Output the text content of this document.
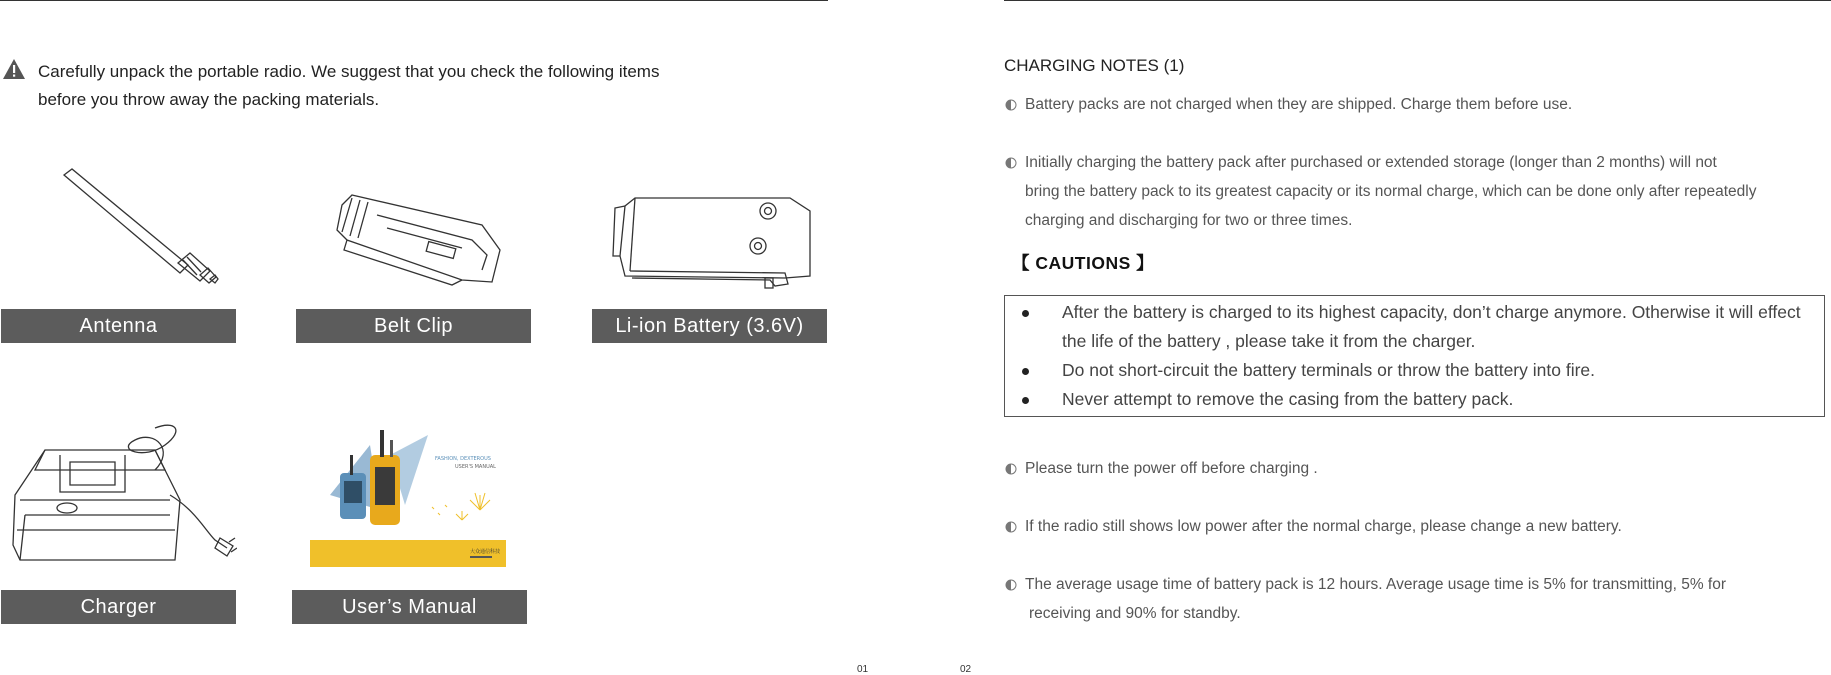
Carefully unpack the portable radio. We suggest that you check the following items
before you throw away the packing materials.
Antenna	Belt Clip	Li-ion Battery (3.6V)
Charger
FASHION, DEXTEROUS
USER'S MANUAL
大众通信科技
User’s Manual
01
CHARGING NOTES (1)
Battery packs are not charged when they are shipped. Charge them before use.
Initially charging the battery pack after purchased or extended storage (longer than 2 months) will not
bring the battery pack to its greatest capacity or its normal charge, which can be done only after repeatedly
charging and discharging for two or three times.
【 CAUTIONS 】
After the battery is charged to its highest capacity, don’t charge anymore. Otherwise it will effect
the life of the battery , please take it from the charger.
Do not short-circuit the battery terminals or throw the battery into fire.
Never attempt to remove the casing from the battery pack.
Please turn the power off before charging .
If the radio still shows low power after the normal charge, please change a new battery.
The average usage time of battery pack is 12 hours. Average usage time is 5% for transmitting, 5% for
receiving and 90% for standby.
02
